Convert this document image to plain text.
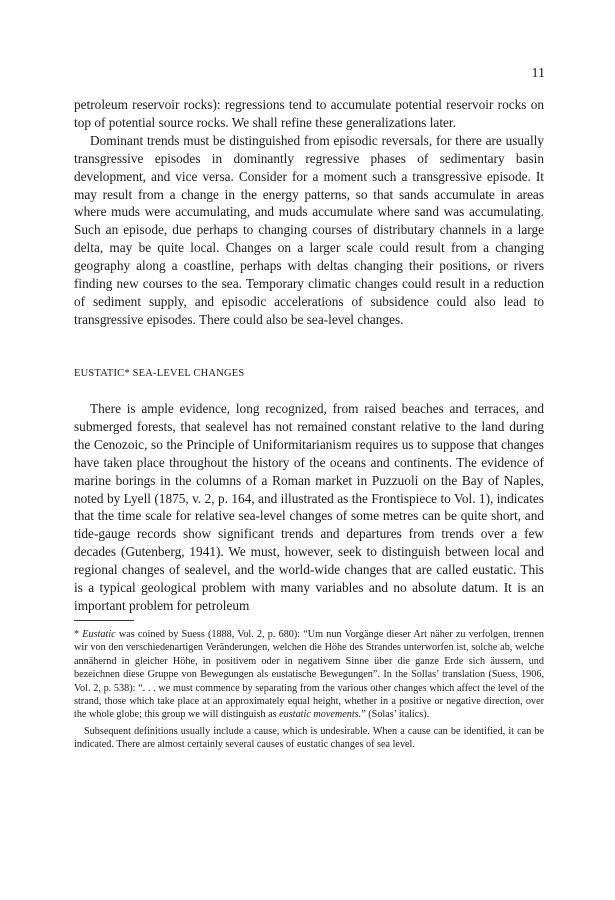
11

petroleum reservoir rocks): regressions tend to accumulate potential reservoir rocks on top of potential source rocks. We shall refine these generalizations later.

Dominant trends must be distinguished from episodic reversals, for there are usually transgressive episodes in dominantly regressive phases of sedimentary basin development, and vice versa. Consider for a moment such a transgressive episode. It may result from a change in the energy patterns, so that sands accumulate in areas where muds were accumulating, and muds accumulate where sand was accumulating. Such an episode, due perhaps to changing courses of distributary channels in a large delta, may be quite local. Changes on a larger scale could result from a changing geography along a coastline, perhaps with deltas changing their positions, or rivers finding new courses to the sea. Temporary climatic changes could result in a reduction of sediment supply, and episodic accelerations of subsidence could also lead to transgressive episodes. There could also be sea-level changes.

EUSTATIC* SEA-LEVEL CHANGES

There is ample evidence, long recognized, from raised beaches and terraces, and submerged forests, that sealevel has not remained constant relative to the land during the Cenozoic, so the Principle of Uniformitarianism requires us to suppose that changes have taken place throughout the history of the oceans and continents. The evidence of marine borings in the columns of a Roman market in Puzzuoli on the Bay of Naples, noted by Lyell (1875, v. 2, p. 164, and illustrated as the Frontispiece to Vol. 1), indicates that the time scale for relative sea-level changes of some metres can be quite short, and tide-gauge records show significant trends and departures from trends over a few decades (Gutenberg, 1941). We must, however, seek to distinguish between local and regional changes of sealevel, and the world-wide changes that are called eustatic. This is a typical geological problem with many variables and no absolute datum. It is an important problem for petroleum

* Eustatic was coined by Suess (1888, Vol. 2, p. 680): “Um nun Vorgänge dieser Art näher zu verfolgen, trennen wir von den verschiedenartigen Veränderungen, welchen die Höhe des Strandes unterworfen ist, solche ab, welche annähernd in gleicher Höhe, in positivem oder in negativem Sinne über die ganze Erde sich äussern, und bezeichnen diese Gruppe von Bewegungen als eustatische Bewegungen”. In the Sollas’ translation (Suess, 1906, Vol. 2, p. 538): “. . . we must commence by separating from the various other changes which affect the level of the strand, those which take place at an approximately equal height, whether in a positive or negative direction, over the whole globe; this group we will distinguish as eustatic movements.” (Solas’ italics).

Subsequent definitions usually include a cause, which is undesirable. When a cause can be identified, it can be indicated. There are almost certainly several causes of eustatic changes of sea level.
